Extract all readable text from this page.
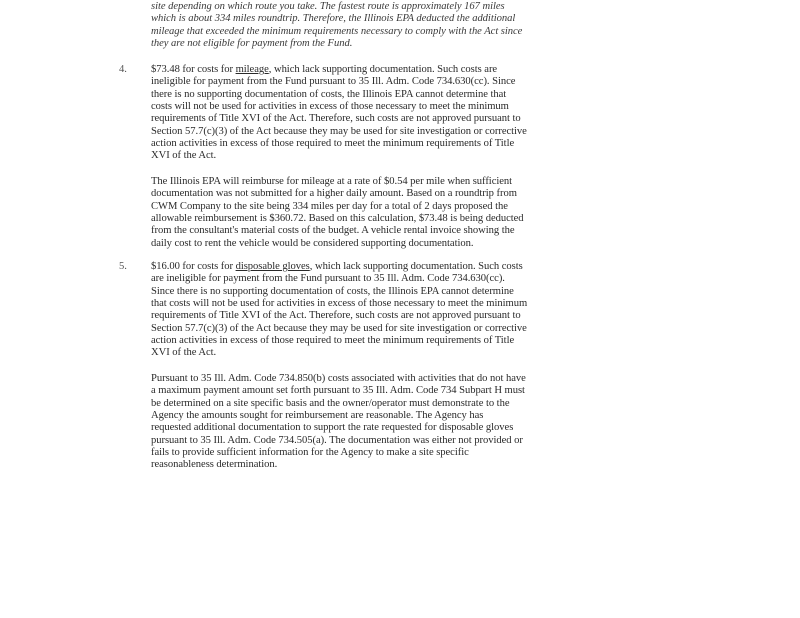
site depending on which route you take. The fastest route is approximately 167 miles
which is about 334 miles roundtrip. Therefore, the Illinois EPA deducted the additional
mileage that exceeded the minimum requirements necessary to comply with the Act since
they are not eligible for payment from the Fund.
4. $73.48 for costs for mileage, which lack supporting documentation. Such costs are
ineligible for payment from the Fund pursuant to 35 Ill. Adm. Code 734.630(cc). Since
there is no supporting documentation of costs, the Illinois EPA cannot determine that
costs will not be used for activities in excess of those necessary to meet the minimum
requirements of Title XVI of the Act. Therefore, such costs are not approved pursuant to
Section 57.7(c)(3) of the Act because they may be used for site investigation or corrective
action activities in excess of those required to meet the minimum requirements of Title
XVI of the Act.
The Illinois EPA will reimburse for mileage at a rate of $0.54 per mile when sufficient
documentation was not submitted for a higher daily amount. Based on a roundtrip from
CWM Company to the site being 334 miles per day for a total of 2 days proposed the
allowable reimbursement is $360.72. Based on this calculation, $73.48 is being deducted
from the consultant's material costs of the budget. A vehicle rental invoice showing the
daily cost to rent the vehicle would be considered supporting documentation.
5. $16.00 for costs for disposable gloves, which lack supporting documentation. Such costs
are ineligible for payment from the Fund pursuant to 35 Ill. Adm. Code 734.630(cc).
Since there is no supporting documentation of costs, the Illinois EPA cannot determine
that costs will not be used for activities in excess of those necessary to meet the minimum
requirements of Title XVI of the Act. Therefore, such costs are not approved pursuant to
Section 57.7(c)(3) of the Act because they may be used for site investigation or corrective
action activities in excess of those required to meet the minimum requirements of Title
XVI of the Act.
Pursuant to 35 Ill. Adm. Code 734.850(b) costs associated with activities that do not have
a maximum payment amount set forth pursuant to 35 Ill. Adm. Code 734 Subpart H must
be determined on a site specific basis and the owner/operator must demonstrate to the
Agency the amounts sought for reimbursement are reasonable. The Agency has
requested additional documentation to support the rate requested for disposable gloves
pursuant to 35 Ill. Adm. Code 734.505(a). The documentation was either not provided or
fails to provide sufficient information for the Agency to make a site specific
reasonableness determination.
